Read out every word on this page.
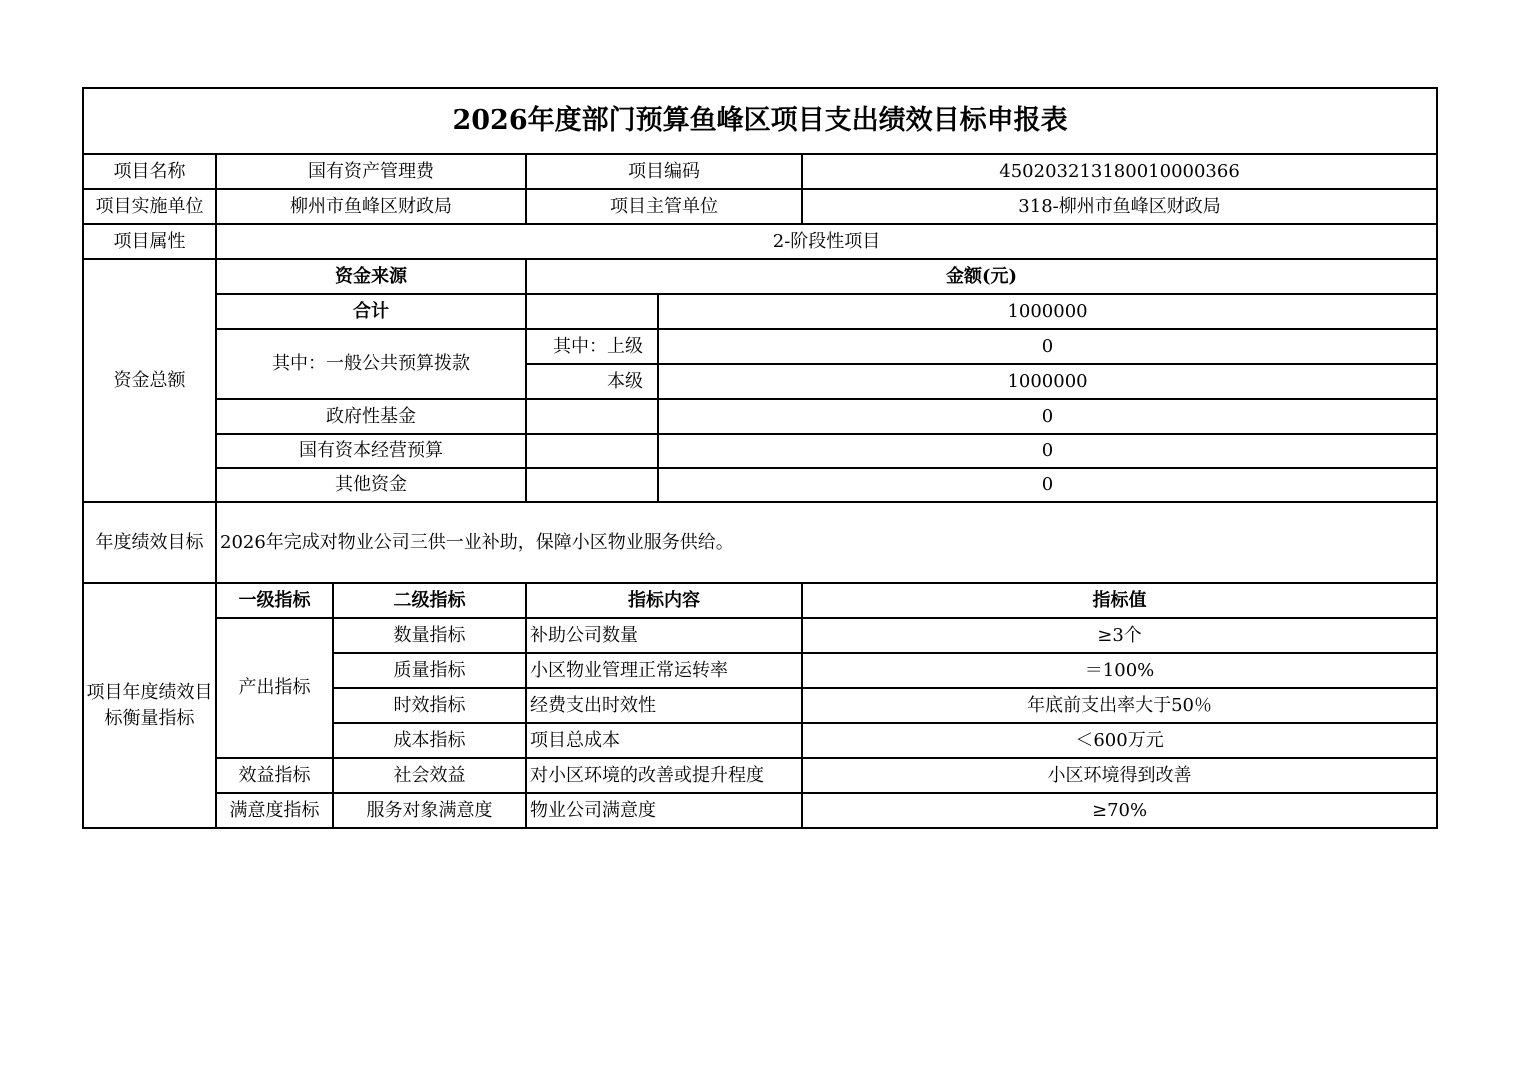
2026年度部门预算鱼峰区项目支出绩效目标申报表					
项目名称	国有资产管理费		项目编码		450203213180010000366
项目实施单位	柳州市鱼峰区财政局		项目主管单位		318-柳州市鱼峰区财政局
项目属性	2-阶段性项目				
资金总额	资金来源		金额(元)		
	合计			1000000	
	其中：一般公共预算拨款		其中：上级	0	
			本级	1000000	
	政府性基金			0	
	国有资本经营预算			0	
	其他资金			0	
年度绩效目标	2026年完成对物业公司三供一业补助，保障小区物业服务供给。				
项目年度绩效目标衡量指标	一级指标	二级指标	指标内容		指标值
	产出指标	数量指标	补助公司数量		≥3个
		质量指标	小区物业管理正常运转率		＝100%
		时效指标	经费支出时效性		年底前支出率大于50％
		成本指标	项目总成本		＜600万元
	效益指标	社会效益	对小区环境的改善或提升程度		小区环境得到改善
	满意度指标	服务对象满意度	物业公司满意度		≥70%
